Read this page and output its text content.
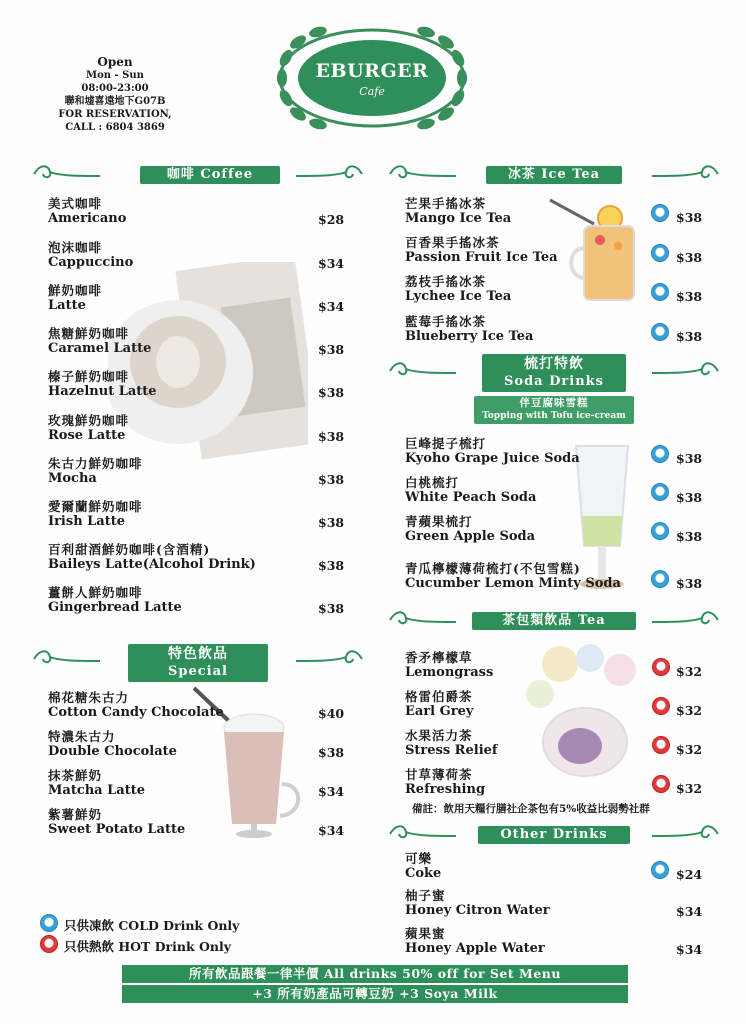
Open
Mon - Sun
08:00-23:00
聯和墟喜遠地下G07B
FOR RESERVATION,
CALL : 6804 3869
EBURGER
Cafe
咖啡 Coffee
美式咖啡
Americano	$28
泡沫咖啡
Cappuccino	$34
鮮奶咖啡
Latte	$34
焦糖鮮奶咖啡
Caramel Latte	$38
榛子鮮奶咖啡
Hazelnut Latte	$38
玫瑰鮮奶咖啡
Rose Latte	$38
朱古力鮮奶咖啡
Mocha	$38
愛爾蘭鮮奶咖啡
Irish Latte	$38
百利甜酒鮮奶咖啡(含酒精)
Baileys Latte(Alcohol Drink)	$38
薑餅人鮮奶咖啡
Gingerbread Latte	$38
特色飲品
Special
棉花糖朱古力
Cotton Candy Chocolate	$40
特濃朱古力
Double Chocolate	$38
抹茶鮮奶
Matcha Latte	$34
紫薯鮮奶
Sweet Potato Latte	$34
冰茶 Ice Tea
芒果手搖冰茶
Mango Ice Tea	$38
百香果手搖冰茶
Passion Fruit Ice Tea	$38
荔枝手搖冰茶
Lychee Ice Tea	$38
藍莓手搖冰茶
Blueberry Ice Tea	$38
梳打特飲
Soda Drinks
伴豆腐味雪糕
Topping with Tofu ice-cream
巨峰提子梳打
Kyoho Grape Juice Soda	$38
白桃梳打
White Peach Soda	$38
青蘋果梳打
Green Apple Soda	$38
青瓜檸檬薄荷梳打(不包雪糕)
Cucumber Lemon Minty Soda	$38
茶包類飲品 Tea
香矛檸檬草
Lemongrass	$32
格雷伯爵茶
Earl Grey	$32
水果活力茶
Stress Relief	$32
甘草薄荷茶
Refreshing	$32
備註：飲用天糧行膳社企茶包有5%收益比弱勢社群
Other Drinks
可樂
Coke	$24
柚子蜜
Honey Citron Water	$34
蘋果蜜
Honey Apple Water	$34
只供凍飲 COLD Drink Only
只供熱飲 HOT Drink Only
所有飲品跟餐一律半價 All drinks 50% off for Set Menu
+3 所有奶產品可轉豆奶 +3 Soya Milk
